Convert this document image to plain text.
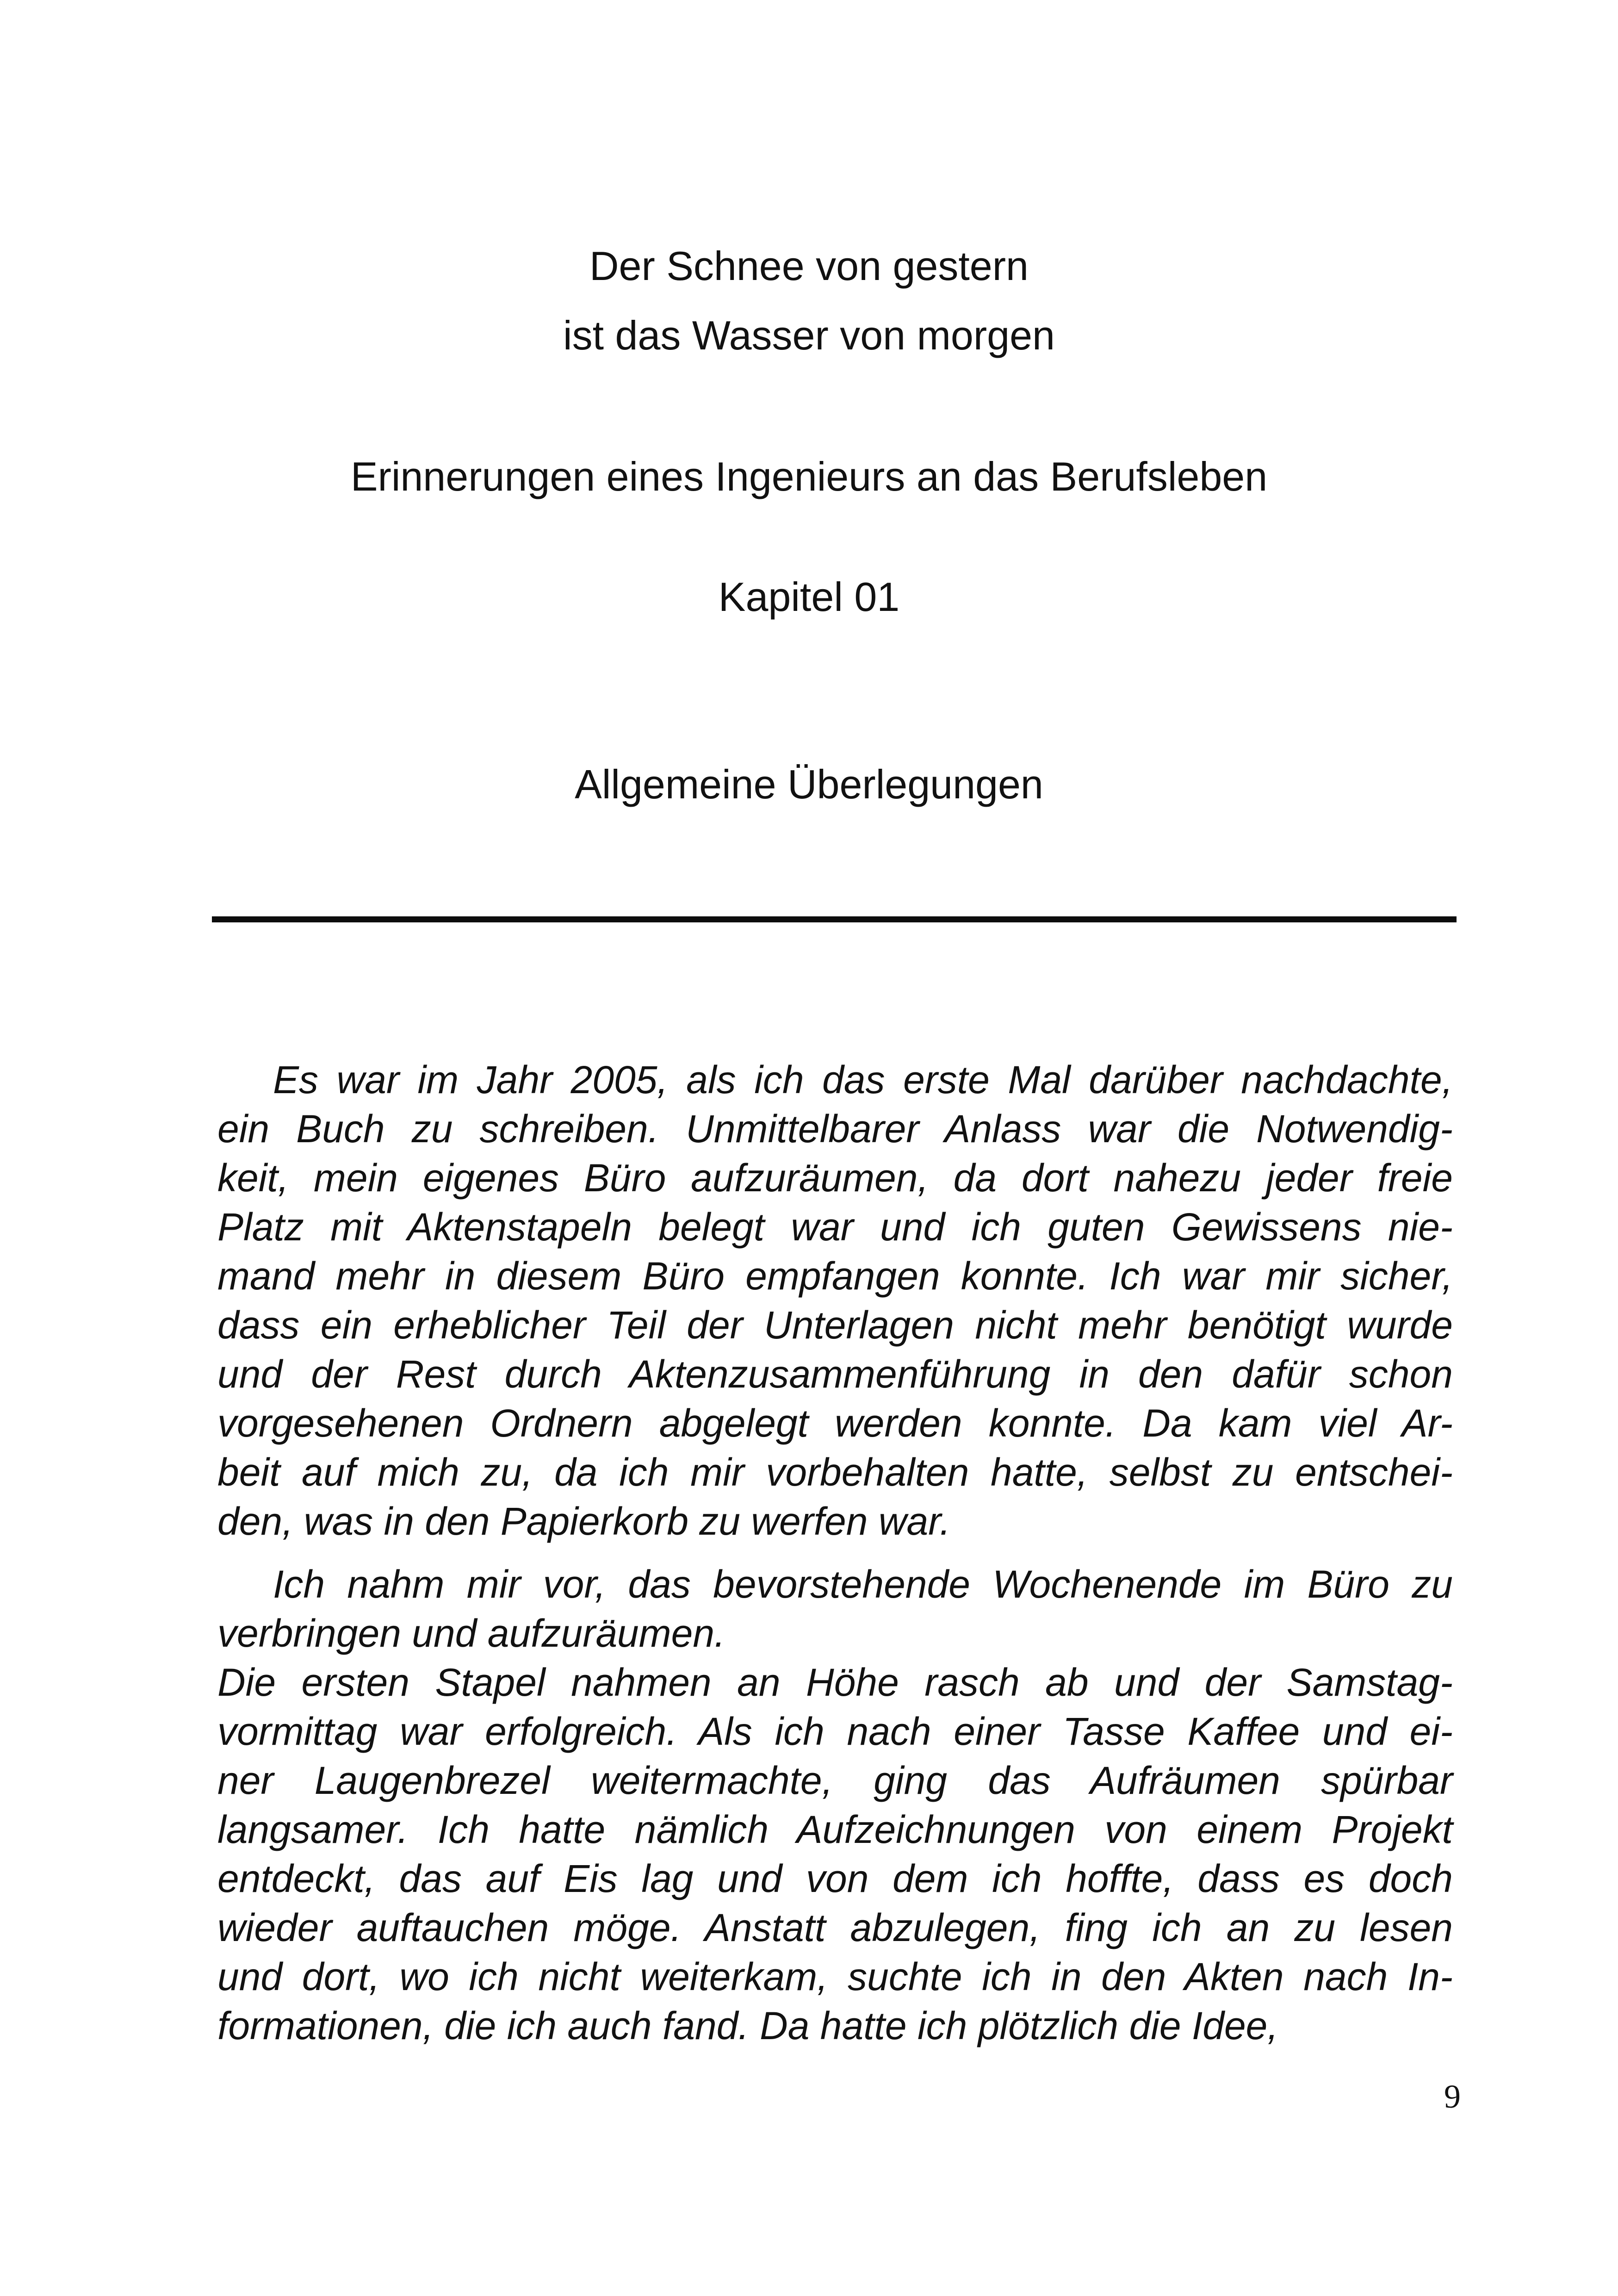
Der Schnee von gestern
ist das Wasser von morgen
Erinnerungen eines Ingenieurs an das Berufsleben
Kapitel 01
Allgemeine Überlegungen
Es war im Jahr 2005, als ich das erste Mal darüber nachdachte,
ein Buch zu schreiben. Unmittelbarer Anlass war die Notwendig-
keit, mein eigenes Büro aufzuräumen, da dort nahezu jeder freie
Platz mit Aktenstapeln belegt war und ich guten Gewissens nie-
mand mehr in diesem Büro empfangen konnte. Ich war mir sicher,
dass ein erheblicher Teil der Unterlagen nicht mehr benötigt wurde
und der Rest durch Aktenzusammenführung in den dafür schon
vorgesehenen Ordnern abgelegt werden konnte. Da kam viel Ar-
beit auf mich zu, da ich mir vorbehalten hatte, selbst zu entschei-
den, was in den Papierkorb zu werfen war.
Ich nahm mir vor, das bevorstehende Wochenende im Büro zu
verbringen und aufzuräumen.
Die ersten Stapel nahmen an Höhe rasch ab und der Samstag-
vormittag war erfolgreich. Als ich nach einer Tasse Kaffee und ei-
ner Laugenbrezel weitermachte, ging das Aufräumen spürbar
langsamer. Ich hatte nämlich Aufzeichnungen von einem Projekt
entdeckt, das auf Eis lag und von dem ich hoffte, dass es doch
wieder auftauchen möge. Anstatt abzulegen, fing ich an zu lesen
und dort, wo ich nicht weiterkam, suchte ich in den Akten nach In-
formationen, die ich auch fand. Da hatte ich plötzlich die Idee,
9
